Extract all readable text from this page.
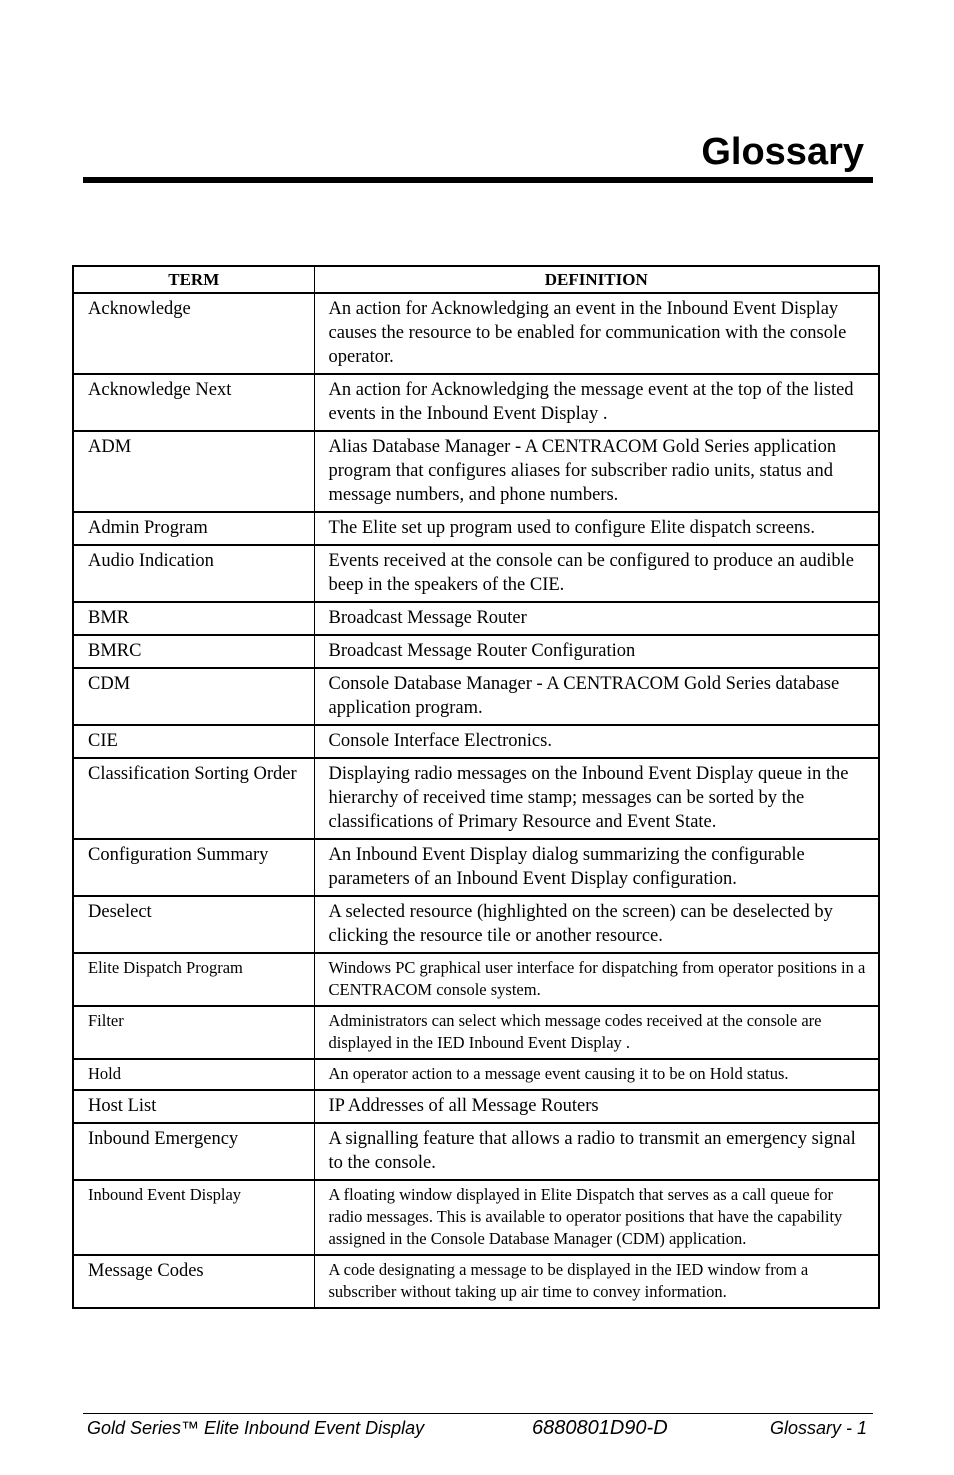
Glossary
TERM	DEFINITION
Acknowledge	An action for Acknowledging an event in the Inbound Event Display causes the resource to be enabled for communication with the console operator.
Acknowledge Next	An action for Acknowledging the message event at the top of the listed events in the Inbound Event Display .
ADM	Alias Database Manager - A CENTRACOM Gold Series application program that configures aliases for subscriber radio units, status and message numbers, and phone numbers.
Admin Program	The Elite set up program used to configure Elite dispatch screens.
Audio Indication	Events received at the console can be configured to produce an audible beep in the speakers of the CIE.
BMR	Broadcast Message Router
BMRC	Broadcast Message Router Configuration
CDM	Console Database Manager - A CENTRACOM Gold Series database application program.
CIE	Console Interface Electronics.
Classification Sorting Order	Displaying radio messages on the Inbound Event Display queue in the hierarchy of received time stamp; messages can be sorted by the classifications of Primary Resource and Event State.
Configuration Summary	An Inbound Event Display dialog summarizing the configurable parameters of an Inbound Event Display configuration.
Deselect	A selected resource (highlighted on the screen) can be deselected by clicking the resource tile or another resource.
Elite Dispatch Program	Windows PC graphical user interface for dispatching from operator positions in a CENTRACOM console system.
Filter	Administrators can select which message codes received at the console are displayed in the IED Inbound Event Display .
Hold	An operator action to a message event causing it to be on Hold status.
Host List	IP Addresses of all Message Routers
Inbound Emergency	A signalling feature that allows a radio to transmit an emergency signal to the console.
Inbound Event Display	A floating window displayed in Elite Dispatch that serves as a call queue for radio messages. This is available to operator positions that have the capability assigned in the Console Database Manager (CDM) application.
Message Codes	A code designating a message to be displayed in the IED window from a subscriber without taking up air time to convey information.
Gold Series™ Elite Inbound Event Display	6880801D90-D	Glossary - 1
